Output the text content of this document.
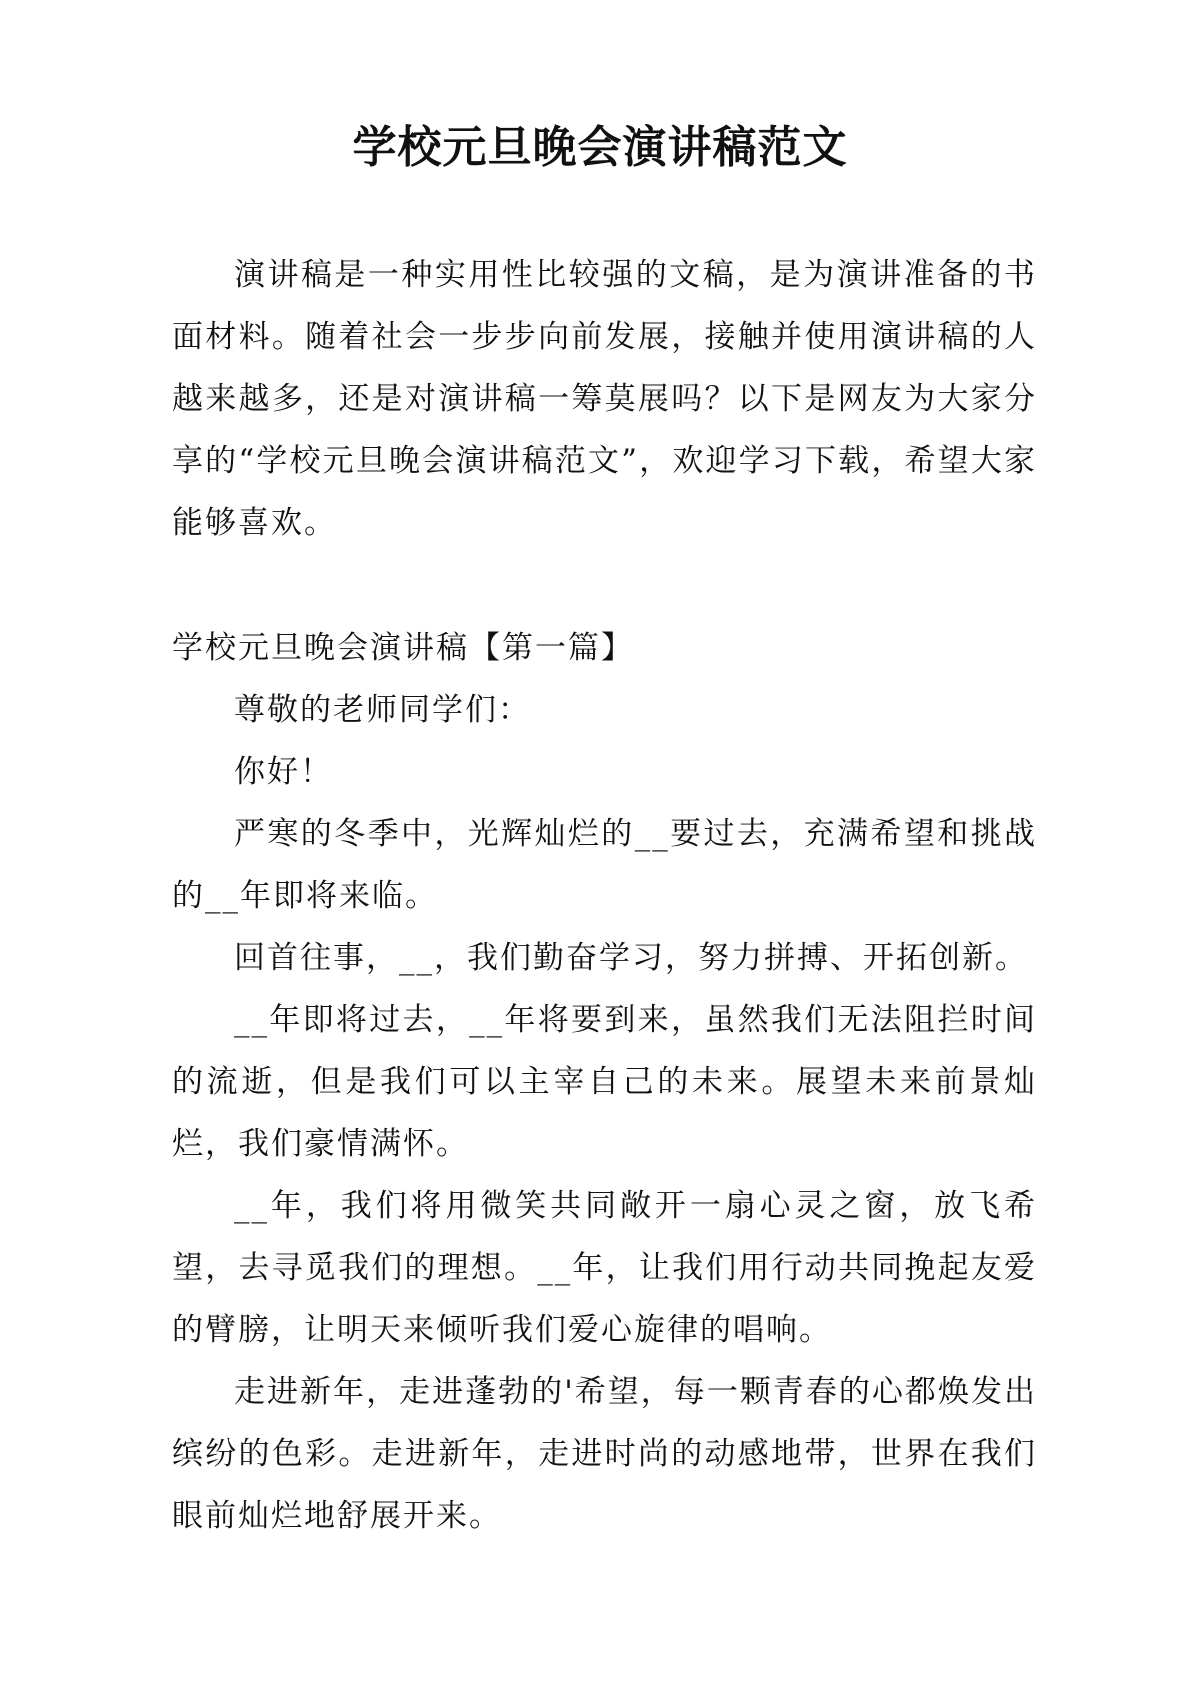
学校元旦晚会演讲稿范文

演讲稿是一种实用性比较强的文稿，是为演讲准备的书面材料。随着社会一步步向前发展，接触并使用演讲稿的人越来越多，还是对演讲稿一筹莫展吗？以下是网友为大家分享的“学校元旦晚会演讲稿范文”，欢迎学习下载，希望大家能够喜欢。

学校元旦晚会演讲稿【第一篇】

尊敬的老师同学们：

你好！

严寒的冬季中，光辉灿烂的__要过去，充满希望和挑战的__年即将来临。

回首往事，__，我们勤奋学习，努力拼搏、开拓创新。

__年即将过去，__年将要到来，虽然我们无法阻拦时间的流逝，但是我们可以主宰自己的未来。展望未来前景灿烂，我们豪情满怀。

__年，我们将用微笑共同敞开一扇心灵之窗，放飞希望，去寻觅我们的理想。__年，让我们用行动共同挽起友爱的臂膀，让明天来倾听我们爱心旋律的唱响。

走进新年，走进蓬勃的'希望，每一颗青春的心都焕发出缤纷的色彩。走进新年，走进时尚的动感地带，世界在我们眼前灿烂地舒展开来。
